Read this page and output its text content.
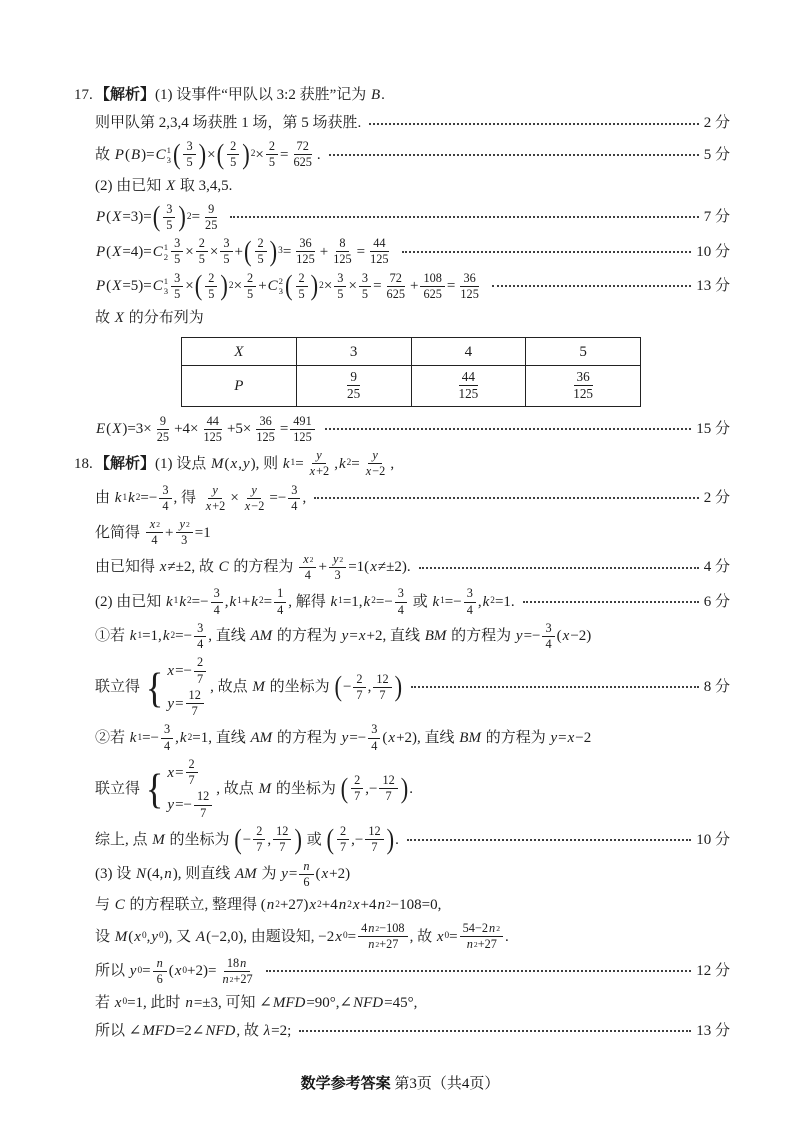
17. 【解析】 (1) 设事件“甲队以 3:2 获胜”记为 B .
则甲队第 2,3,4 场获胜 1 场，第 5 场获胜.	2 分
故 P ( B )= C 1
3 ( $\frac{3}{5}$ ) × ( $\frac{2}{5}$ ) $2 \times \frac{2}{5} = \frac{72}{625}$ .	5 分
(2) 由已知 X 取 3,4,5.
P ( X =3)= ( $\frac{3}{5}$ ) $2 = \frac{9}{25}$	7 分
P ( X =4)= C 1
$2 \frac{3}{5} \times \frac{2}{5} \times \frac{3}{5}$ + ( $\frac{2}{5}$ ) $3 = \frac{36}{125} + \frac{8}{125} = \frac{44}{125}$	10 分
P ( X =5)= C 1
$3 \frac{3}{5}$ × ( $\frac{2}{5}$ ) $2 \times \frac{2}{5} + C$ 2
3 ( $\frac{2}{5}$ ) $2 \times \frac{3}{5} \times \frac{3}{5} = \frac{72}{625} + \frac{108}{625} = \frac{36}{125}$	13 分
故 X 的分布列为
X	3	4	5
P	$\frac{9}{25}$	$\frac{44}{125}$	$\frac{36}{125}$
E ( X )$=3\times \frac{9}{25} +4\times \frac{44}{125} +5\times \frac{36}{125} = \frac{491}{125}$	15 分
18. 【解析】 (1) 设点 M ( x , y ), 则 k $1 = \frac{y}{x +2}$ , k $2 = \frac{y}{x -2}$ ,
由 k 1 k $2 =- \frac{3}{4}$ , 得 $\frac{y}{x +2} \times \frac{y}{x -2} =- \frac{3}{4}$ ,	2 分
化简得 $\frac{x 2}{4} + \frac{y 2}{3} =1$
由已知得 x ≠±2, 故 C 的方程为 $\frac{x 2}{4} + \frac{y 2}{3} =1$( x ≠±2).	4 分
(2) 由已知 k 1 k $2 =- \frac{3}{4}$ , k 1 + k $2 = \frac{1}{4}$ , 解得 k 1 =1, k $2 =- \frac{3}{4}$ 或 k $1 =- \frac{3}{4}$ , k 2 =1.	6 分
①若 k 1 =1, k $2 =- \frac{3}{4}$ , 直线 AM 的方程为 y = x +2, 直线 BM 的方程为 $y =- \frac{3}{4}$ ( x −2)
联立得 { $x =- \frac{2}{7}$
$y = \frac{12}{7}$
, 故点 M 的坐标为 ( − $\frac{2}{7}$ , $\frac{12}{7}$ )	8 分
②若 k $1 =- \frac{3}{4}$ , k 2 =1, 直线 AM 的方程为 $y =- \frac{3}{4}$ ( x +2), 直线 BM 的方程为 y = x −2
联立得 { $x = \frac{2}{7}$
$y =- \frac{12}{7}$
, 故点 M 的坐标为 ( $\frac{2}{7}$ ,− $\frac{12}{7}$ ) .
综上, 点 M 的坐标为 ( − $\frac{2}{7}$ , $\frac{12}{7}$ ) 或 ( $\frac{2}{7}$ ,− $\frac{12}{7}$ ) .	10 分
(3) 设 N (4, n ), 则直线 AM 为 $y = \frac{n}{6}$ ( x +2)
与 C 的方程联立, 整理得 ( n 2 +27) x 2 +4 n 2 x +4 n 2 −108=0,
设 M ( x 0 , y 0 ), 又 A (−2,0), 由题设知, −2 x $0 = \frac{4 n 2 -108}{n 2 +27}$ , 故 x $0 = \frac{54-2 n 2}{n 2 +27}$ .
所以 y $0 = \frac{n}{6}$ ( x $0 +2)= \frac{18 n}{n 2 +27}$	12 分
若 x 0 =1, 此时 n =±3, 可知 ∠ MFD =90°,∠ NFD =45°,
所以 ∠ MFD =2∠ NFD , 故 λ =2;	13 分
数学参考答案 第3页（共4页）
